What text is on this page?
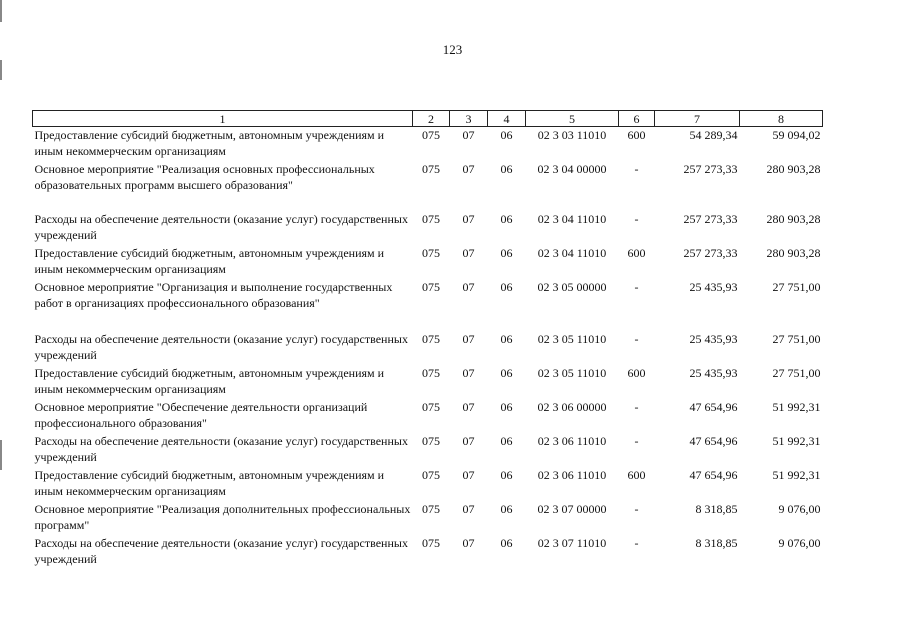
123
1	2	3	4	5	6	7	8
Предоставление субсидий бюджетным, автономным учреждениям и иным некоммерческим организациям	075	07	06	02 3 03 11010	600	54 289,34	59 094,02
Основное мероприятие "Реализация основных профессиональных образовательных программ высшего образования"	075	07	06	02 3 04 00000	-	257 273,33	280 903,28
Расходы на обеспечение деятельности (оказание услуг) государственных учреждений	075	07	06	02 3 04 11010	-	257 273,33	280 903,28
Предоставление субсидий бюджетным, автономным учреждениям и иным некоммерческим организациям	075	07	06	02 3 04 11010	600	257 273,33	280 903,28
Основное мероприятие "Организация и выполнение государственных работ в организациях профессионального образования"	075	07	06	02 3 05 00000	-	25 435,93	27 751,00
Расходы на обеспечение деятельности (оказание услуг) государственных учреждений	075	07	06	02 3 05 11010	-	25 435,93	27 751,00
Предоставление субсидий бюджетным, автономным учреждениям и иным некоммерческим организациям	075	07	06	02 3 05 11010	600	25 435,93	27 751,00
Основное мероприятие "Обеспечение деятельности организаций профессионального образования"	075	07	06	02 3 06 00000	-	47 654,96	51 992,31
Расходы на обеспечение деятельности (оказание услуг) государственных учреждений	075	07	06	02 3 06 11010	-	47 654,96	51 992,31
Предоставление субсидий бюджетным, автономным учреждениям и иным некоммерческим организациям	075	07	06	02 3 06 11010	600	47 654,96	51 992,31
Основное мероприятие "Реализация дополнительных профессиональных программ"	075	07	06	02 3 07 00000	-	8 318,85	9 076,00
Расходы на обеспечение деятельности (оказание услуг) государственных учреждений	075	07	06	02 3 07 11010	-	8 318,85	9 076,00
